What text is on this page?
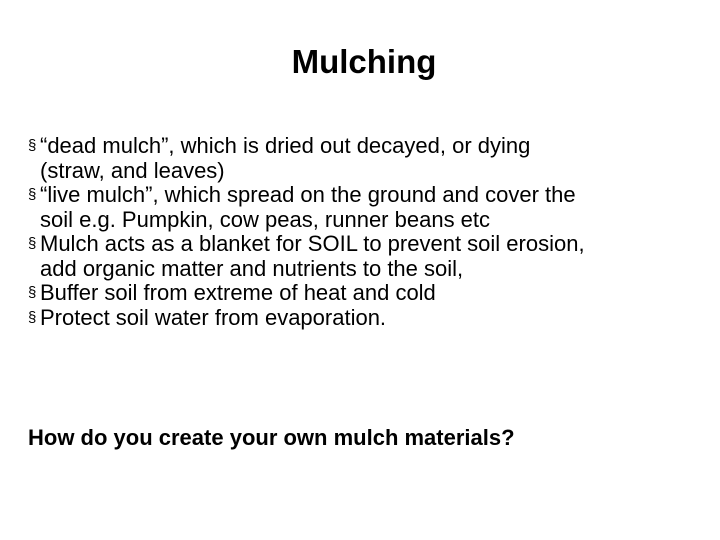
Mulching
§ “dead mulch”, which is dried out decayed, or dying
(straw, and leaves)
§ “live mulch”, which spread on the ground and cover the
soil e.g. Pumpkin, cow peas, runner beans etc
§ Mulch acts as a blanket for SOIL to prevent soil erosion,
add organic matter and nutrients to the soil,
§ Buffer soil from extreme of heat and cold
§ Protect soil water from evaporation.
How do you create your own mulch materials?
